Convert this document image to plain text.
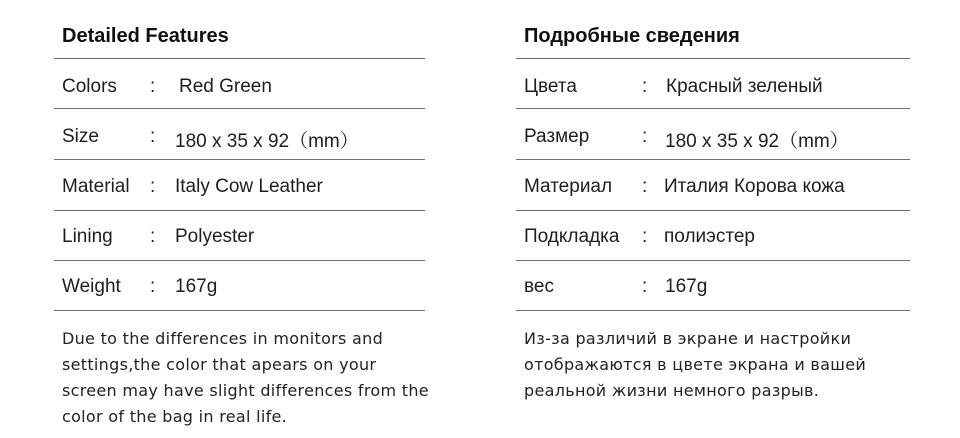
Detailed Features
Colors : Red Green
Size	: 180 x 35 x 92（mm）
Material : Italy Cow Leather
Lining : Polyester
Weight : 167g
Due to the differences in monitors and
settings,the color that apears on your
screen may have slight differences from the
color of the bag in real life.
Подробные сведения
Цвета	: Красный зеленый
Размер	: 180 x 35 x 92（mm）
Материал : Италия Корова кожа
Подкладка : полиэстер
вес	: 167g
Из-за различий в экране и настройки
отображаются в цвете экрана и вашей
реальной жизни немного разрыв.
